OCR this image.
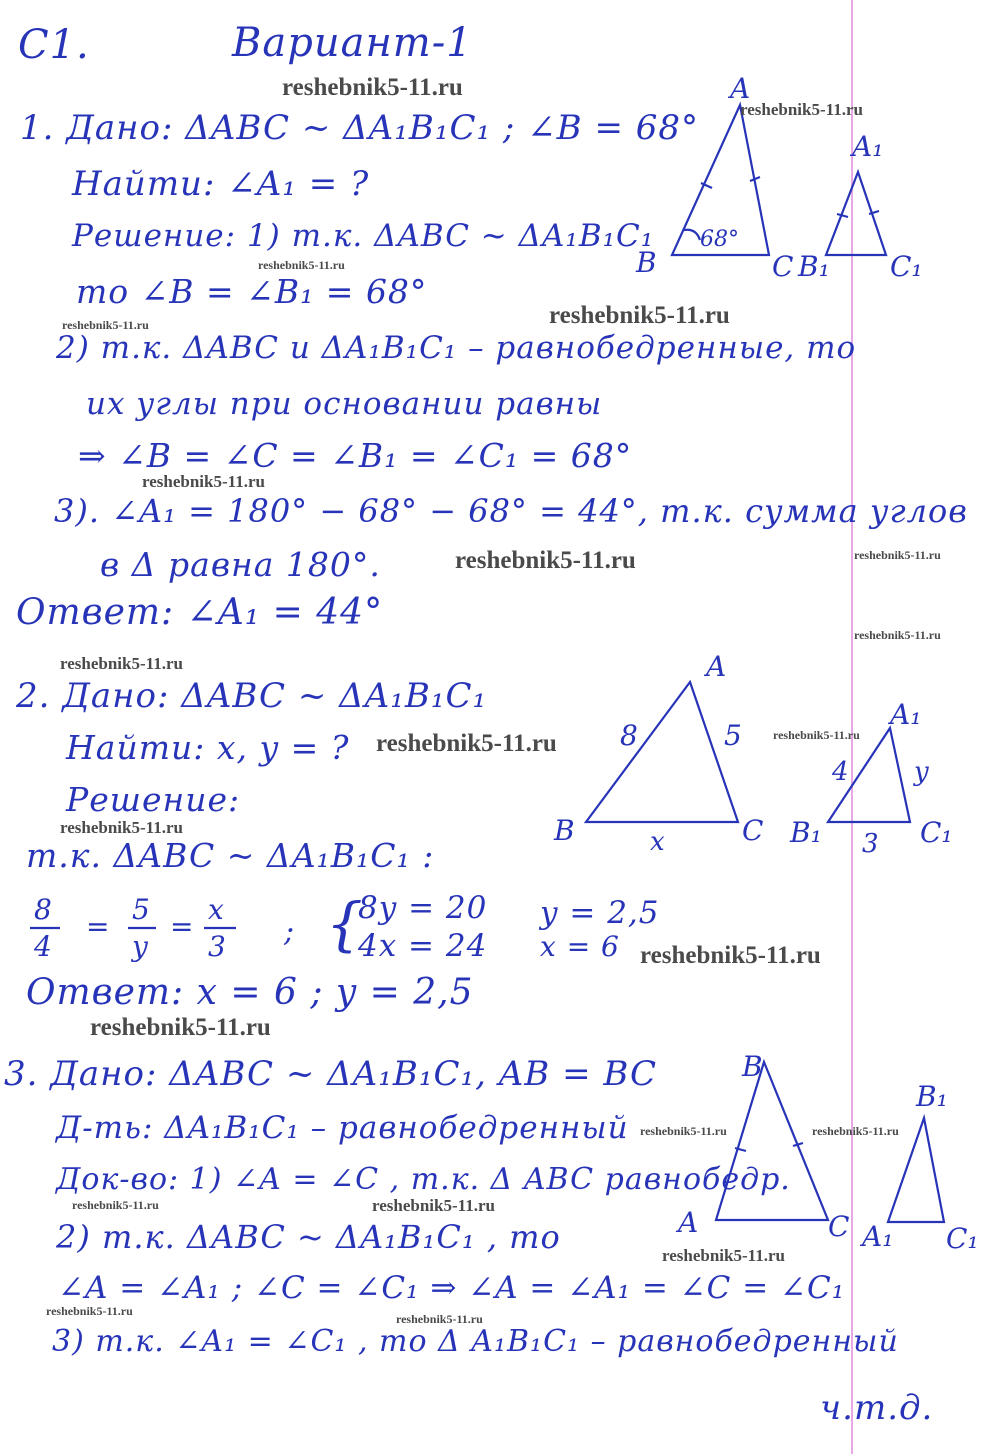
С1.	Вариант-1
1. Дано: ΔABC ~ ΔA₁B₁C₁ ; ∠B = 68°
Найти: ∠A₁ = ?
Решение: 1) т.к. ΔABC ~ ΔA₁B₁C₁
то ∠B = ∠B₁ = 68°
2) т.к. ΔABC и ΔA₁B₁C₁ – равнобедренные, то
их углы при основании равны
⇒ ∠B = ∠C = ∠B₁ = ∠C₁ = 68°
3). ∠A₁ = 180° − 68° − 68° = 44°, т.к. сумма углов
в Δ равна 180°.
Ответ: ∠A₁ = 44°
A
B	C
68°
A₁
B₁ C₁
2. Дано: ΔABC ~ ΔA₁B₁C₁
Найти: x, y = ?
Решение:
т.к. ΔABC ~ ΔA₁B₁C₁ :
8
4
=
5
y
=
x
3 ; {
8y = 20
4x = 24
y = 2,5
x = 6
Ответ: x = 6 ; y = 2,5
A
B	C
8	5
x
A₁
B₁	C₁
4	y
3
3. Дано: ΔABC ~ ΔA₁B₁C₁, AB = BC
Д-ть: ΔA₁B₁C₁ – равнобедренный
Док-во: 1) ∠A = ∠C , т.к. Δ ABC равнобедр.
2) т.к. ΔABC ~ ΔA₁B₁C₁ , то
∠A = ∠A₁ ; ∠C = ∠C₁ ⇒ ∠A = ∠A₁ = ∠C = ∠C₁
3) т.к. ∠A₁ = ∠C₁ , то Δ A₁B₁C₁ – равнобедренный
ч.т.д.
B
A	C
B₁
A₁ C₁
reshebnik5-11.ru
reshebnik5-11.ru
reshebnik5-11.ru
reshebnik5-11.ru
reshebnik5-11.ru
reshebnik5-11.ru
reshebnik5-11.ru	reshebnik5-11.ru
reshebnik5-11.ru
reshebnik5-11.ru
reshebnik5-11.ru	reshebnik5-11.ru
reshebnik5-11.ru
reshebnik5-11.ru
reshebnik5-11.ru
reshebnik5-11.ru	reshebnik5-11.ru
reshebnik5-11.ru	reshebnik5-11.ru
reshebnik5-11.ru
reshebnik5-11.ru
reshebnik5-11.ru
